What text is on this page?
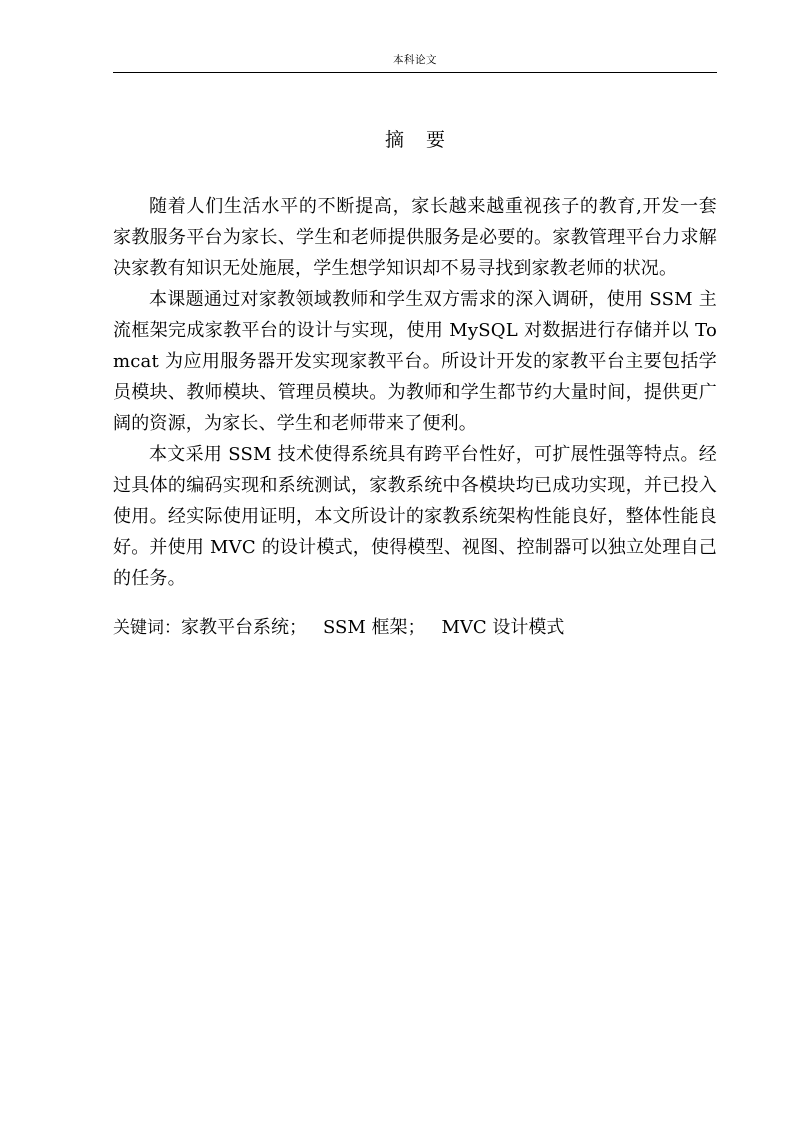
本科论文
摘要

随着人们生活水平的不断提高，家长越来越重视孩子的教育,开发一套家教服务平台为家长、学生和老师提供服务是必要的。家教管理平台力求解决家教有知识无处施展，学生想学知识却不易寻找到家教老师的状况。

本课题通过对家教领域教师和学生双方需求的深入调研，使用 SSM 主流框架完成家教平台的设计与实现，使用 MySQL 对数据进行存储并以 Tomcat 为应用服务器开发实现家教平台。所设计开发的家教平台主要包括学员模块、教师模块、管理员模块。为教师和学生都节约大量时间，提供更广阔的资源，为家长、学生和老师带来了便利。

本文采用 SSM 技术使得系统具有跨平台性好，可扩展性强等特点。经过具体的编码实现和系统测试，家教系统中各模块均已成功实现，并已投入使用。经实际使用证明，本文所设计的家教系统架构性能良好，整体性能良好。并使用 MVC 的设计模式，使得模型、视图、控制器可以独立处理自己的任务。

关键词：家教平台系统； SSM 框架； MVC 设计模式
